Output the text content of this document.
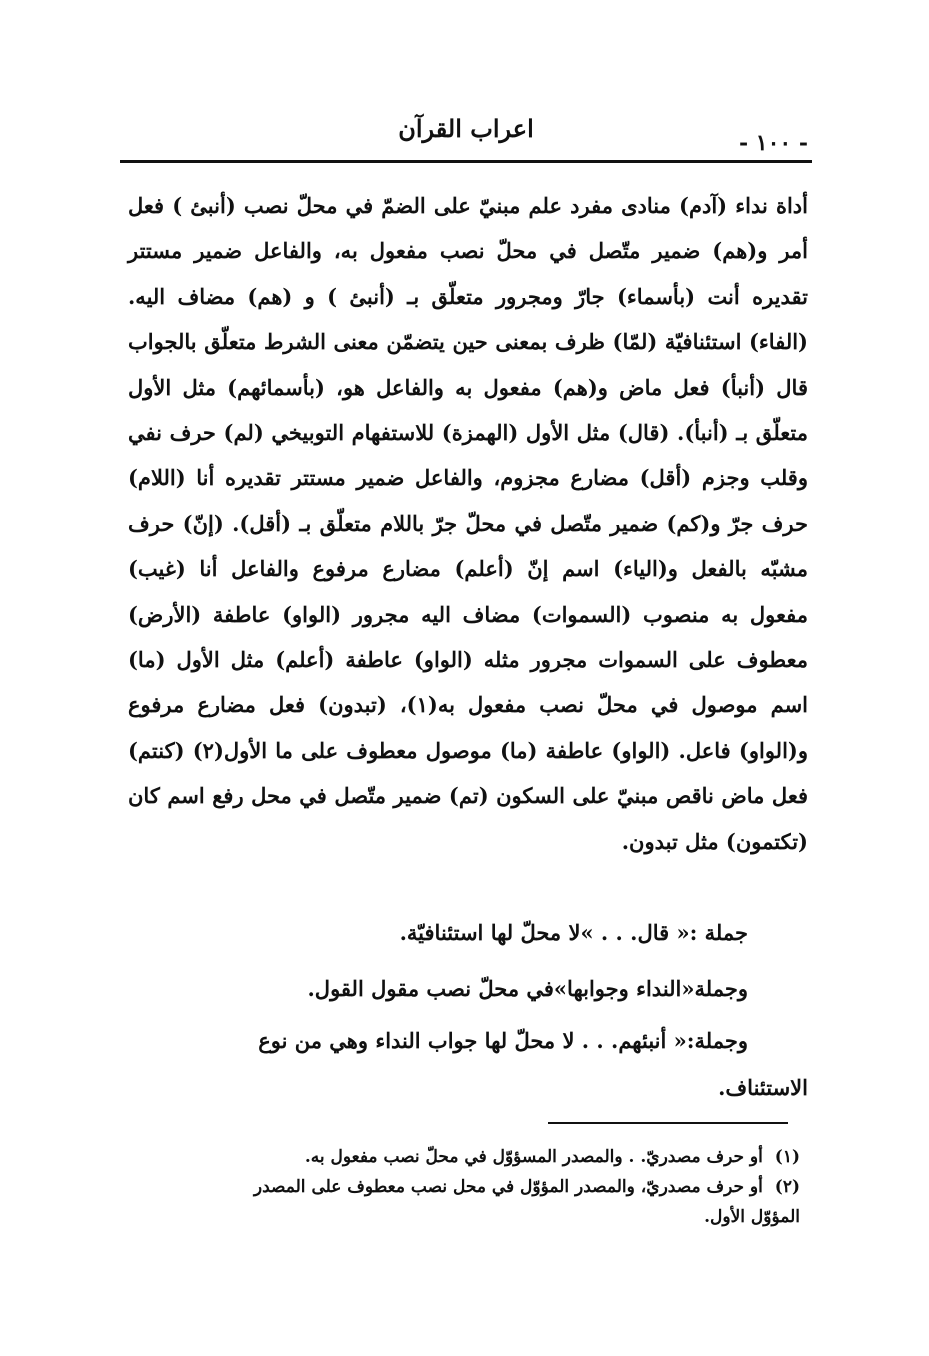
اعراب القرآن	- ١٠٠ -

أداة نداء (آدم) منادى مفرد علم مبنيّ على الضمّ في محلّ نصب (أنبئ ) فعل أمر و(هم) ضمير متّصل في محلّ نصب مفعول به، والفاعل ضمير مستتر تقديره أنت (بأسماء) جارّ ومجرور متعلّق بـ (أنبئ ) و (هم) مضاف اليه. (الفاء) استئنافيّة (لمّا) ظرف بمعنى حين يتضمّن معنى الشرط متعلّق بالجواب قال (أنبأ) فعل ماض و(هم) مفعول به والفاعل هو، (بأسمائهم) مثل الأول متعلّق بـ (أنبأ). (قال) مثل الأول (الهمزة) للاستفهام التوبيخي (لم) حرف نفي وقلب وجزم (أقل) مضارع مجزوم، والفاعل ضمير مستتر تقديره أنا (اللام) حرف جرّ و(كم) ضمير متّصل في محلّ جرّ باللام متعلّق بـ (أقل). (إنّ) حرف مشبّه بالفعل و(الياء) اسم إنّ (أعلم) مضارع مرفوع والفاعل أنا (غيب) مفعول به منصوب (السموات) مضاف اليه مجرور (الواو) عاطفة (الأرض) معطوف على السموات مجرور مثله (الواو) عاطفة (أعلم) مثل الأول (ما) اسم موصول في محلّ نصب مفعول به(١)، (تبدون) فعل مضارع مرفوع و(الواو) فاعل. (الواو) عاطفة (ما) موصول معطوف على ما الأول(٢) (كنتم) فعل ماض ناقص مبنيّ على السكون (تم) ضمير متّصل في محل رفع اسم كان (تكتمون) مثل تبدون.

جملة :« قال. . . »لا محلّ لها استئنافيّة.
وجملة«النداء وجوابها»في محلّ نصب مقول القول.
وجملة:« أنبئهم. . . لا محلّ لها جواب النداء وهي من نوع
الاستئناف.
(١) أو حرف مصدريّ. . والمصدر المسؤوّل في محلّ نصب مفعول به.
(٢) أو حرف مصدريّ، والمصدر المؤوّل في محل نصب معطوف على المصدر
المؤوّل الأول.
